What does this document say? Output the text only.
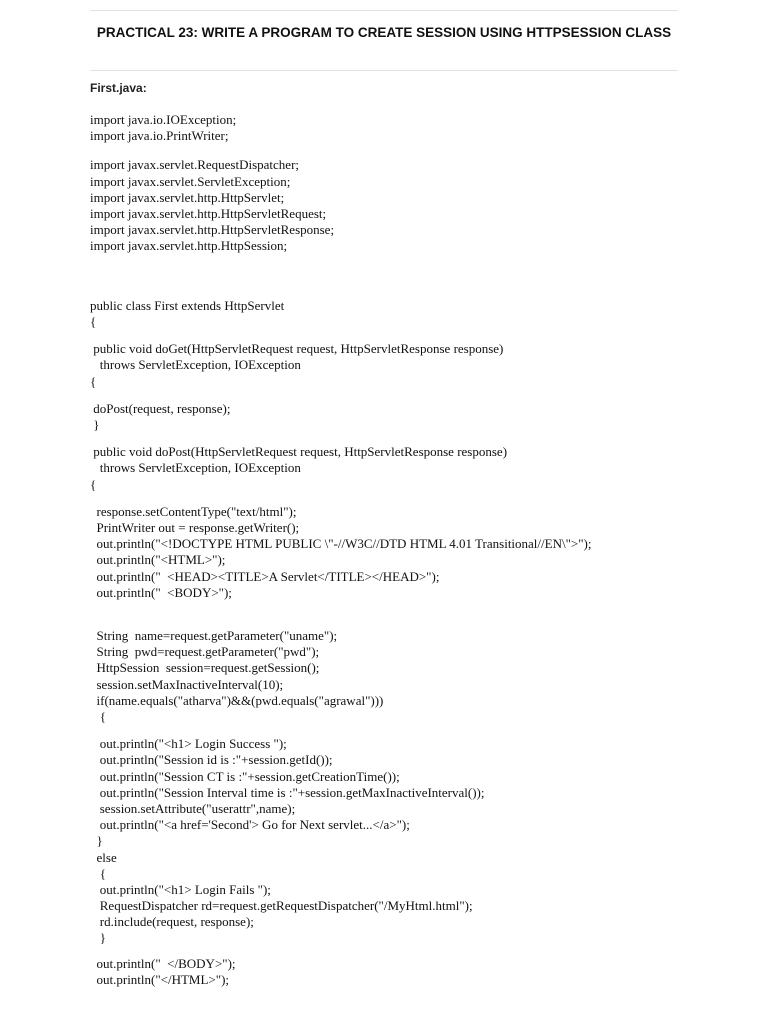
PRACTICAL 23: WRITE A PROGRAM TO CREATE SESSION USING HTTPSESSION CLASS

First.java:

import java.io.IOException;
import java.io.PrintWriter;
import javax.servlet.RequestDispatcher;
import javax.servlet.ServletException;
import javax.servlet.http.HttpServlet;
import javax.servlet.http.HttpServletRequest;
import javax.servlet.http.HttpServletResponse;
import javax.servlet.http.HttpSession;
public class First extends HttpServlet
{
public void doGet(HttpServletRequest request, HttpServletResponse response)
throws ServletException, IOException
{
doPost(request, response);
}
public void doPost(HttpServletRequest request, HttpServletResponse response)
throws ServletException, IOException
{
response.setContentType("text/html");
PrintWriter out = response.getWriter();
out.println("<!DOCTYPE HTML PUBLIC \"-//W3C//DTD HTML 4.01 Transitional//EN\">");
out.println("<HTML>");
out.println("  <HEAD><TITLE>A Servlet</TITLE></HEAD>");
out.println("  <BODY>");
String  name=request.getParameter("uname");
String  pwd=request.getParameter("pwd");
HttpSession  session=request.getSession();
session.setMaxInactiveInterval(10);
if(name.equals("atharva")&&(pwd.equals("agrawal")))
{
out.println("<h1> Login Success ");
out.println("Session id is :"+session.getId());
out.println("Session CT is :"+session.getCreationTime());
out.println("Session Interval time is :"+session.getMaxInactiveInterval());
session.setAttribute("userattr",name);
out.println("<a href='Second'> Go for Next servlet...</a>");
}
else
{
out.println("<h1> Login Fails ");
RequestDispatcher rd=request.getRequestDispatcher("/MyHtml.html");
rd.include(request, response);
}
out.println("  </BODY>");
out.println("</HTML>");
